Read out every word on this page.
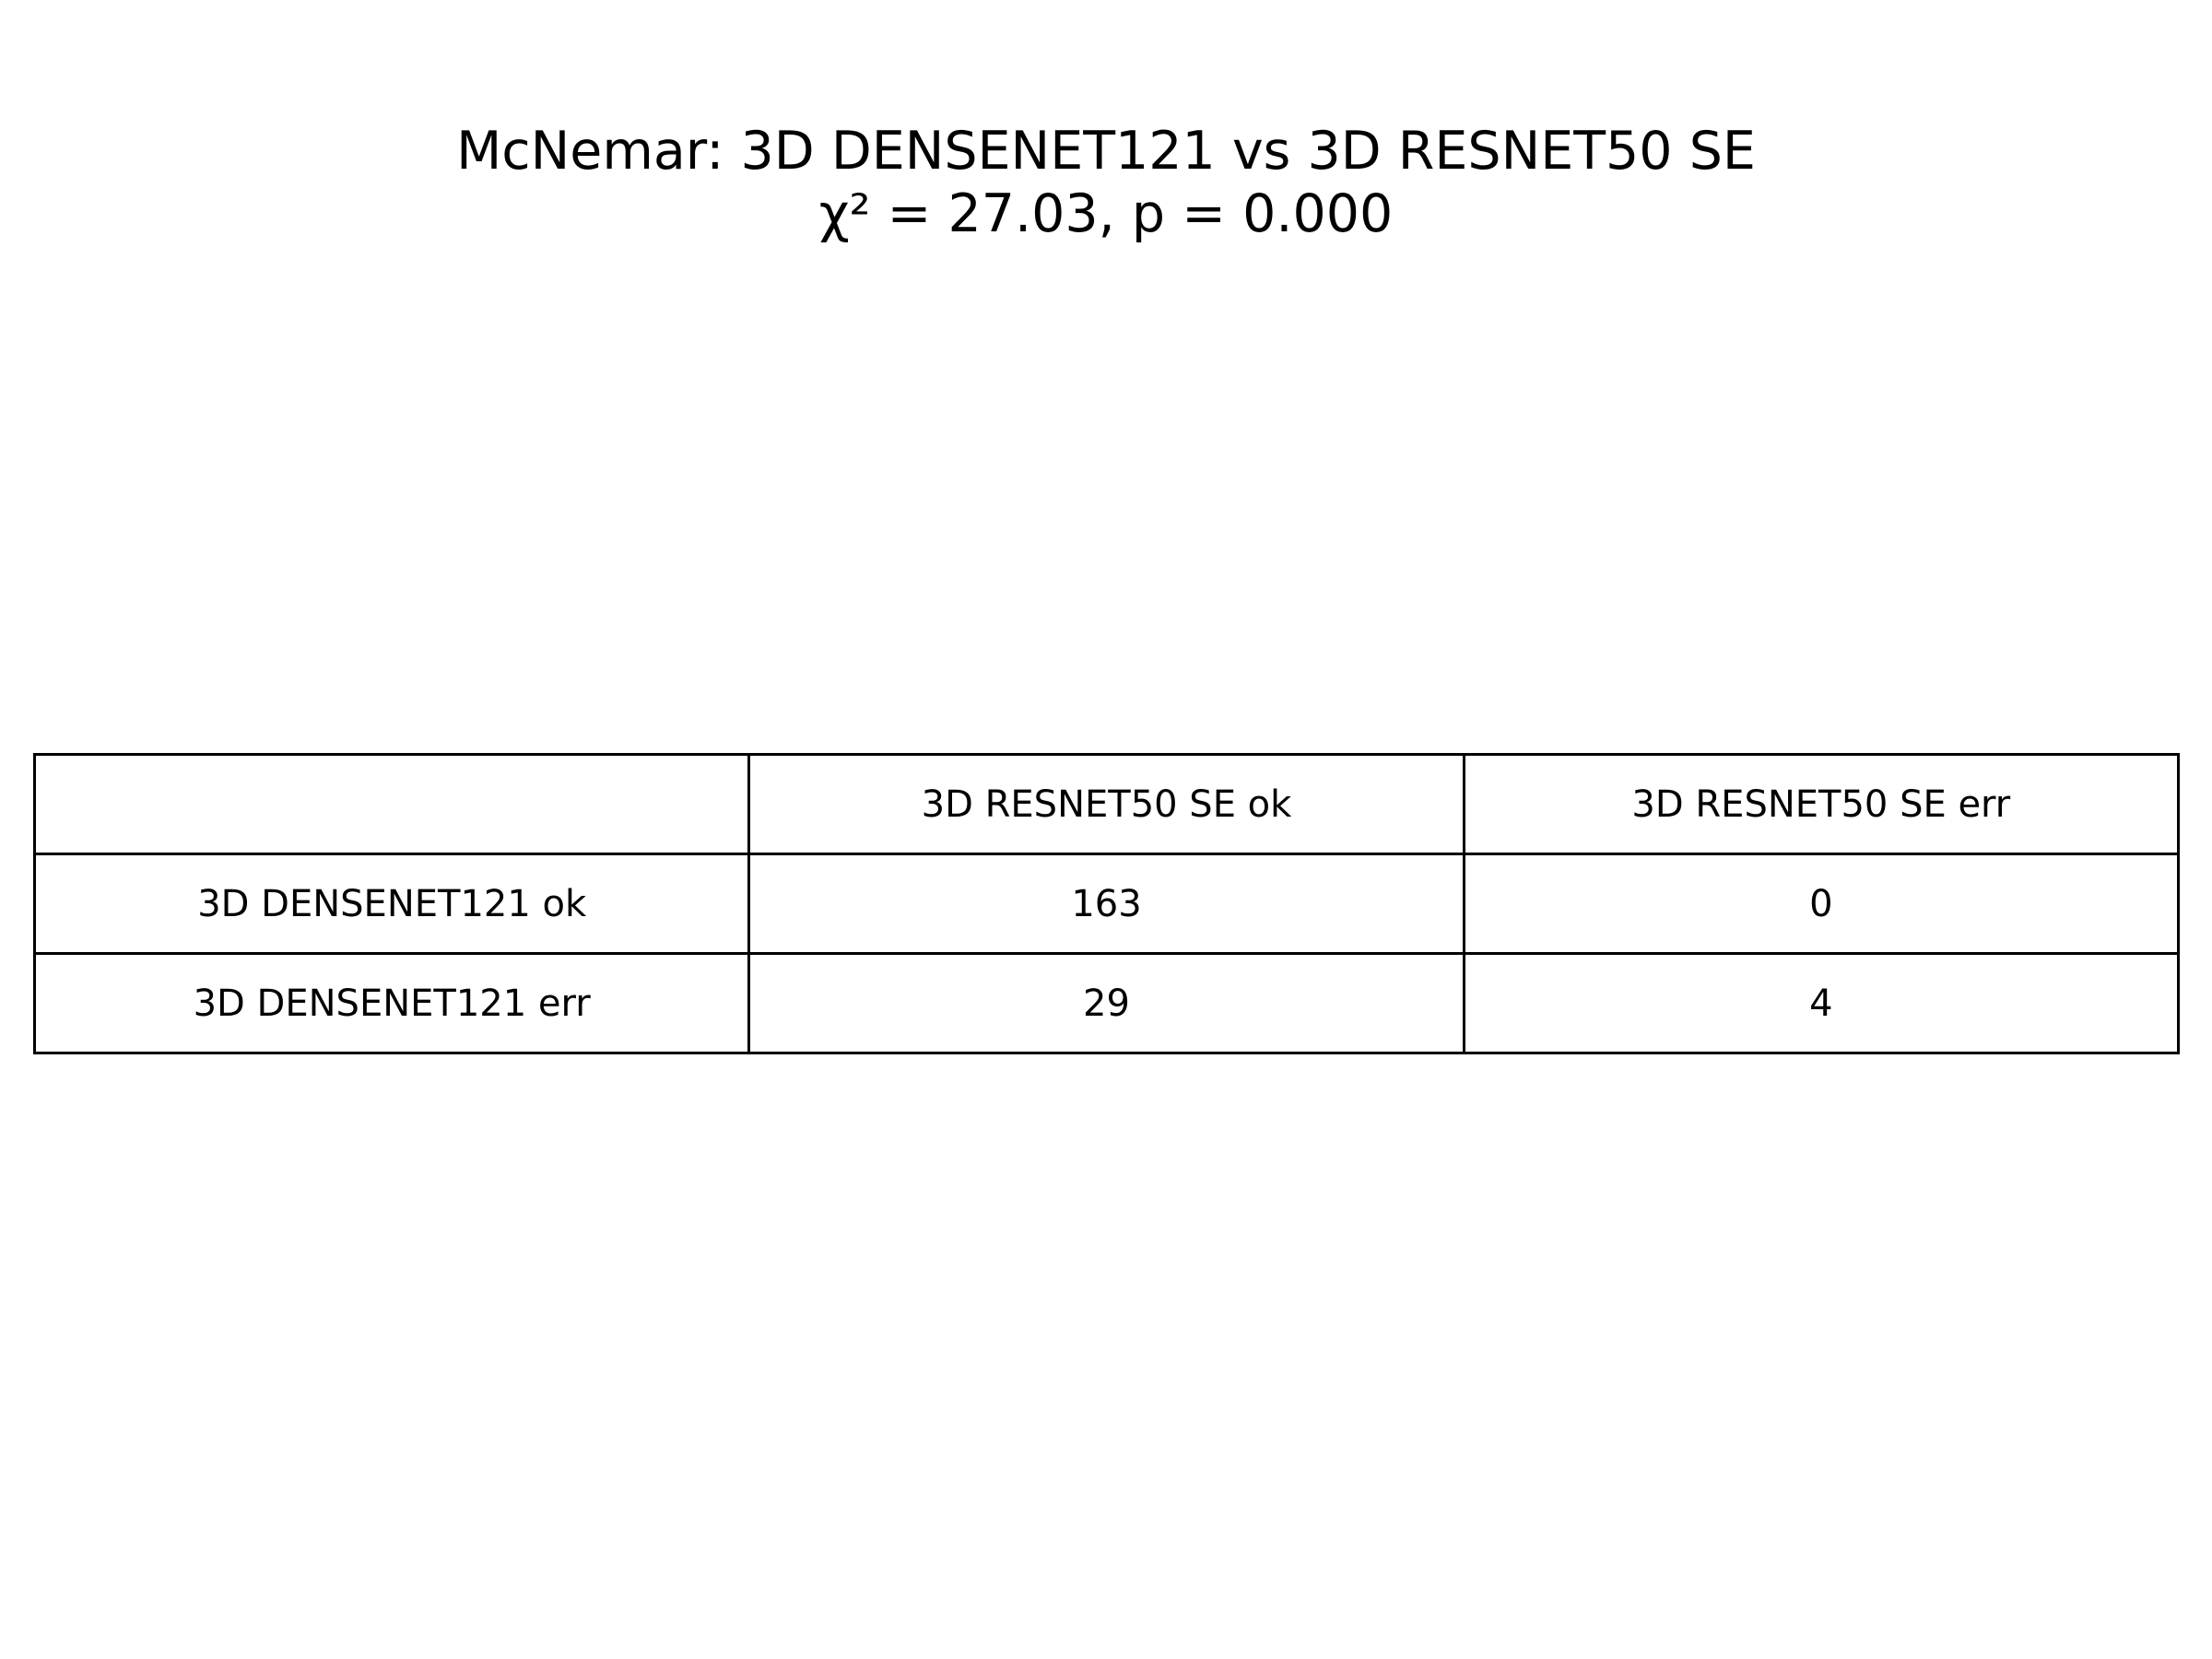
McNemar: 3D DENSENET121 vs 3D RESNET50 SE
χ² = 27.03, p = 0.000
	3D RESNET50 SE ok	3D RESNET50 SE err
3D DENSENET121 ok	163	0
3D DENSENET121 err	29	4
